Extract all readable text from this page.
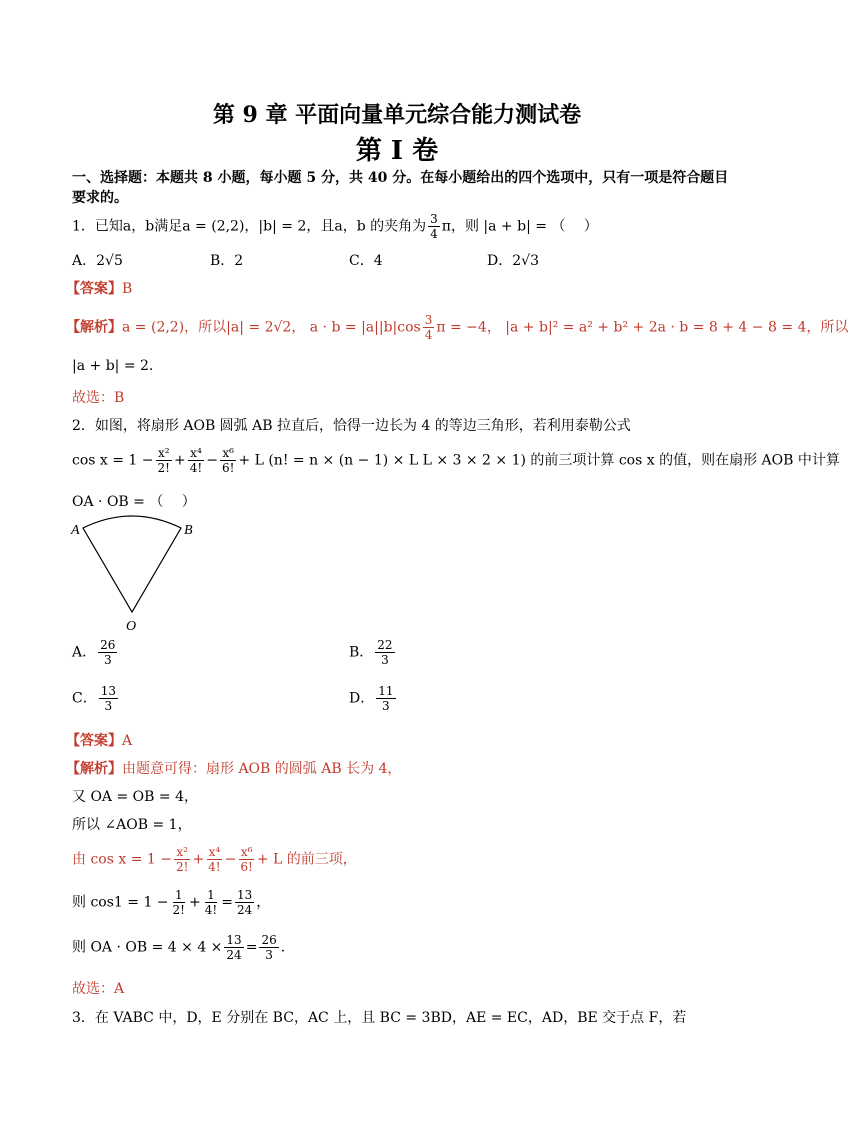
第 9 章 平面向量单元综合能力测试卷
第 I 卷
一、选择题：本题共 8 小题，每小题 5 分，共 40 分。在每小题给出的四个选项中，只有一项是符合题目
要求的。
1．已知a，b满足a = (2,2)，|b| = 2，且a，b 的夹角为 $\frac{3}{4}$ π，则 |a + b| = （　 ）
A．2√5	B．2	C．4	D．2√3
【答案】B
【解析】a = (2,2)，所以|a| = 2√2， $a \cdot b = |a||b|\cos \frac{3}{4}$ π = −4， |a + b|² = a² + b² + 2a · b = 8 + 4 − 8 = 4，所以
|a + b| = 2．
故选：B
2．如图，将扇形 AOB 圆弧 AB 拉直后，恰得一边长为 4 的等边三角形，若利用泰勒公式
$\cos x = 1 - \frac{\text{x²}}{2!} + \frac{\text{x⁴}}{4!} - \frac{\text{x⁶}}{6!} + L$ (n! = n × (n − 1) × L L × 3 × 2 × 1) 的前三项计算 cos x 的值，则在扇形 AOB 中计算
OA · OB = （　 ）
A	B
O
A． $\frac{26}{3}$	B． $\frac{22}{3}$
C． $\frac{13}{3}$	D． $\frac{11}{3}$
【答案】A
【解析】由题意可得：扇形 AOB 的圆弧 AB 长为 4，
又 OA = OB = 4，
所以 ∠AOB = 1，
由 $\cos x = 1 - \frac{\text{x²}}{2!} + \frac{\text{x⁴}}{4!} - \frac{\text{x⁶}}{6!} + L$ 的前三项，
则 $\cos 1 = 1 - \frac{1}{2!} + \frac{1}{4!} = \frac{13}{24}$ ，
则 OA · OB = $4 \times 4 \times \frac{13}{24} = \frac{26}{3}$ ．
故选：A
3．在 VABC 中，D，E 分别在 BC，AC 上，且 BC = 3BD，AE = EC，AD，BE 交于点 F，若
